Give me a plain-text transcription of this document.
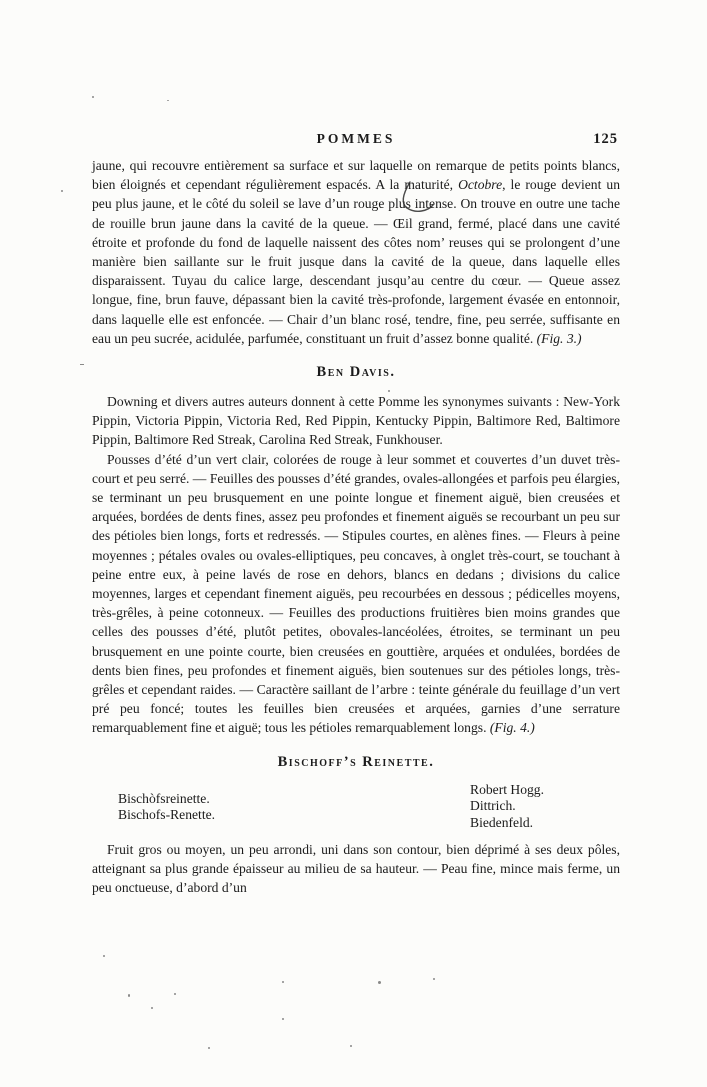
POMMES	125

jaune, qui recouvre entièrement sa surface et sur laquelle on remarque de petits points blancs, bien éloignés et cependant régulièrement espacés. A la maturité, Octobre, le rouge devient un peu plus jaune, et le côté du soleil se lave d’un rouge plus intense. On trouve en outre une tache de rouille brun jaune dans la cavité de la queue. — Œil grand, fermé, placé dans une cavité étroite et profonde du fond de laquelle naissent des côtes nom’ reuses qui se prolongent d’une manière bien saillante sur le fruit jusque dans la cavité de la queue, dans laquelle elles disparaissent. Tuyau du calice large, descendant jusqu’au centre du cœur. — Queue assez longue, fine, brun fauve, dépassant bien la cavité très-profonde, largement évasée en entonnoir, dans laquelle elle est enfoncée. — Chair d’un blanc rosé, tendre, fine, peu serrée, suffisante en eau un peu sucrée, acidulée, parfumée, constituant un fruit d’assez bonne qualité. (Fig. 3.)

Ben Davis.

Downing et divers autres auteurs donnent à cette Pomme les synonymes suivants : New-York Pippin, Victoria Pippin, Victoria Red, Red Pippin, Kentucky Pippin, Baltimore Red, Baltimore Pippin, Baltimore Red Streak, Carolina Red Streak, Funkhouser.

Pousses d’été d’un vert clair, colorées de rouge à leur sommet et couvertes d’un duvet très-court et peu serré. — Feuilles des pousses d’été grandes, ovales-allongées et parfois peu élargies, se terminant un peu brusquement en une pointe longue et finement aiguë, bien creusées et arquées, bordées de dents fines, assez peu profondes et finement aiguës se recourbant un peu sur des pétioles bien longs, forts et redressés. — Stipules courtes, en alènes fines. — Fleurs à peine moyennes ; pétales ovales ou ovales-elliptiques, peu concaves, à onglet très-court, se touchant à peine entre eux, à peine lavés de rose en dehors, blancs en dedans ; divisions du calice moyennes, larges et cependant finement aiguës, peu recourbées en dessous ; pédicelles moyens, très-grêles, à peine cotonneux. — Feuilles des productions fruitières bien moins grandes que celles des pousses d’été, plutôt petites, obovales-lancéolées, étroites, se terminant un peu brusquement en une pointe courte, bien creusées en gouttière, arquées et ondulées, bordées de dents bien fines, peu profondes et finement aiguës, bien soutenues sur des pétioles longs, très-grêles et cependant raides. — Caractère saillant de l’arbre : teinte générale du feuillage d’un vert pré peu foncé; toutes les feuilles bien creusées et arquées, garnies d’une serrature remarquablement fine et aiguë; tous les pétioles remarquablement longs. (Fig. 4.)

Bischoff’s Reinette.
Bischòfsreinette.
Bischofs-Renette.
Robert Hogg.
Dittrich.
Biedenfeld.

Fruit gros ou moyen, un peu arrondi, uni dans son contour, bien déprimé à ses deux pôles, atteignant sa plus grande épaisseur au milieu de sa hauteur. — Peau fine, mince mais ferme, un peu onctueuse, d’abord d’un
